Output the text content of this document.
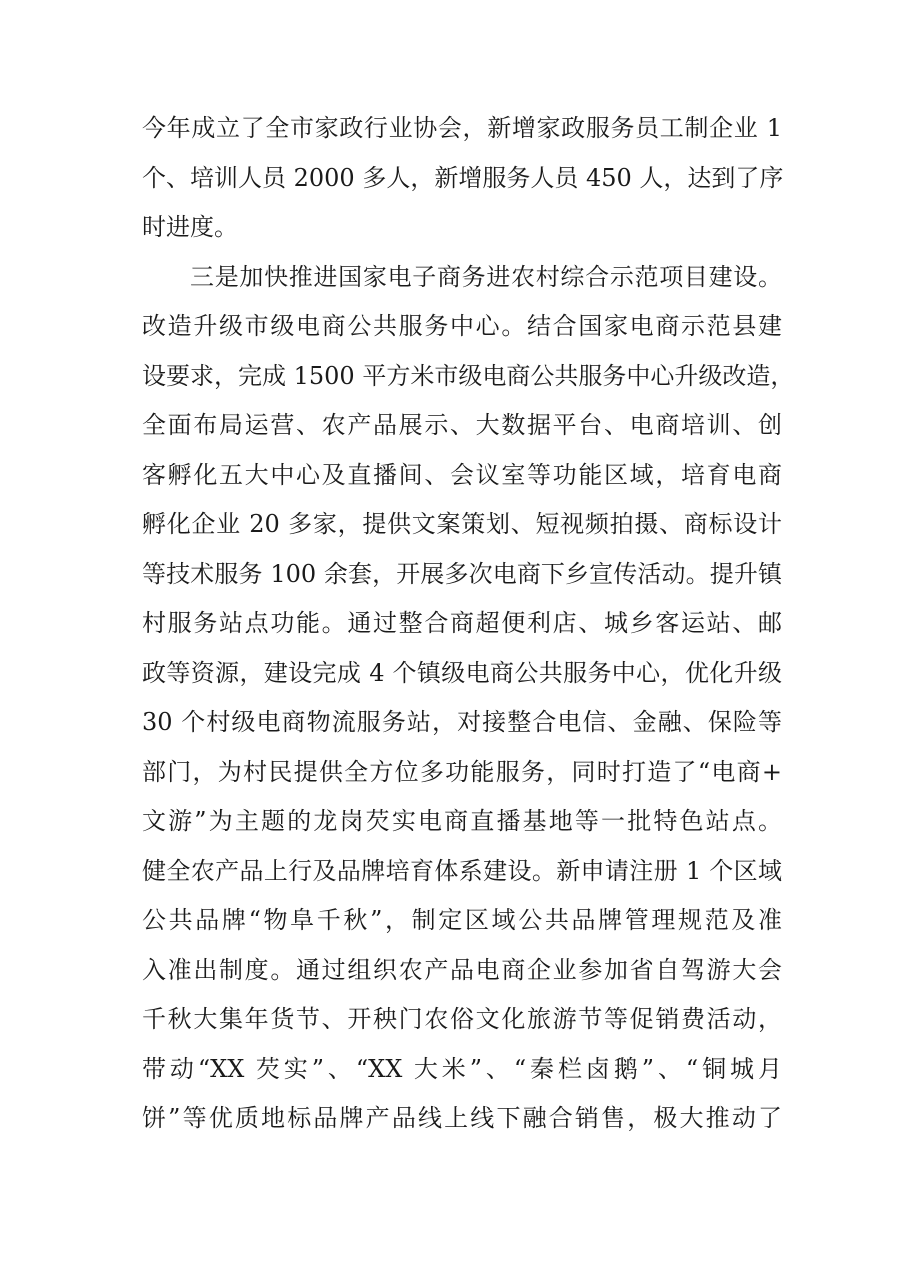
今年成立了全市家政行业协会，新增家政服务员工制企业 1
个、培训人员 2000 多人，新增服务人员 450 人，达到了序
时进度。
三是加快推进国家电子商务进农村综合示范项目建设。
改造升级市级电商公共服务中心。结合国家电商示范县建
设要求，完成 1500 平方米市级电商公共服务中心升级改造，
全面布局运营、农产品展示、大数据平台、电商培训、创
客孵化五大中心及直播间、会议室等功能区域，培育电商
孵化企业 20 多家，提供文案策划、短视频拍摄、商标设计
等技术服务 100 余套，开展多次电商下乡宣传活动。提升镇
村服务站点功能。通过整合商超便利店、城乡客运站、邮
政等资源，建设完成 4 个镇级电商公共服务中心，优化升级
30 个村级电商物流服务站，对接整合电信、金融、保险等
部门，为村民提供全方位多功能服务，同时打造了“电商+
文游”为主题的龙岗芡实电商直播基地等一批特色站点。
健全农产品上行及品牌培育体系建设。新申请注册 1 个区域
公共品牌“物阜千秋”，制定区域公共品牌管理规范及准
入准出制度。通过组织农产品电商企业参加省自驾游大会
千秋大集年货节、开秧门农俗文化旅游节等促销费活动，
带动“XX 芡实”、“XX 大米”、“秦栏卤鹅”、“铜城月
饼”等优质地标品牌产品线上线下融合销售，极大推动了
